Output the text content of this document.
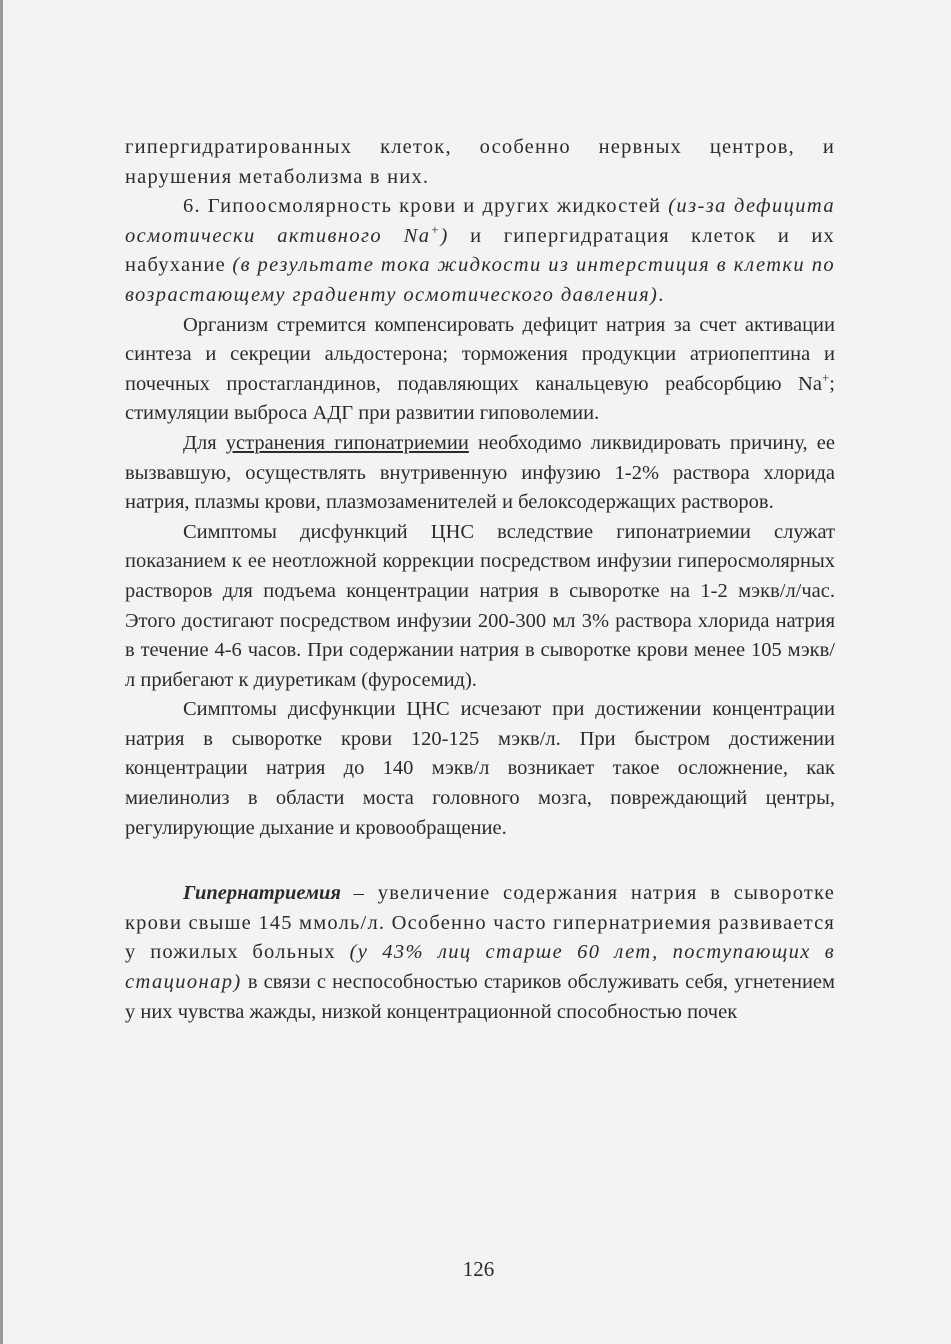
гипергидратированных клеток, особенно нервных центров, и нарушения метаболизма в них.

6. Гипоосмолярность крови и других жидкостей (из-за дефицита осмотически активного Na+) и гипергидратация клеток и их набухание (в результате тока жидкости из интерстиция в клетки по возрастающему градиенту осмотического давления).

Организм стремится компенсировать дефицит натрия за счет активации синтеза и секреции альдостерона; торможения продукции атриопептина и почечных простагландинов, подавляющих канальцевую реабсорбцию Na+; стимуляции выброса АДГ при развитии гиповолемии.

Для устранения гипонатриемии необходимо ликвидировать причину, ее вызвавшую, осуществлять внутривенную инфузию 1-2% раствора хлорида натрия, плазмы крови, плазмозаменителей и белоксодержащих растворов.

Симптомы дисфункций ЦНС вследствие гипонатриемии служат показанием к ее неотложной коррекции посредством инфузии гиперосмолярных растворов для подъема концентрации натрия в сыворотке на 1-2 мэкв/л/час. Этого достигают посредством инфузии 200-300 мл 3% раствора хлорида натрия в течение 4-6 часов. При содержании натрия в сыворотке крови менее 105 мэкв/л прибегают к диуретикам (фуросемид).

Симптомы дисфункции ЦНС исчезают при достижении концентрации натрия в сыворотке крови 120-125 мэкв/л. При быстром достижении концентрации натрия до 140 мэкв/л возникает такое осложнение, как миелинолиз в области моста головного мозга, повреждающий центры, регулирующие дыхание и кровообращение.

Гипернатриемия – увеличение содержания натрия в сыворотке крови свыше 145 ммоль/л. Особенно часто гипернатриемия развивается у пожилых больных (у 43% лиц старше 60 лет, поступающих в стационар) в связи с неспособностью стариков обслуживать себя, угнетением у них чувства жажды, низкой концентрационной способностью почек

126
